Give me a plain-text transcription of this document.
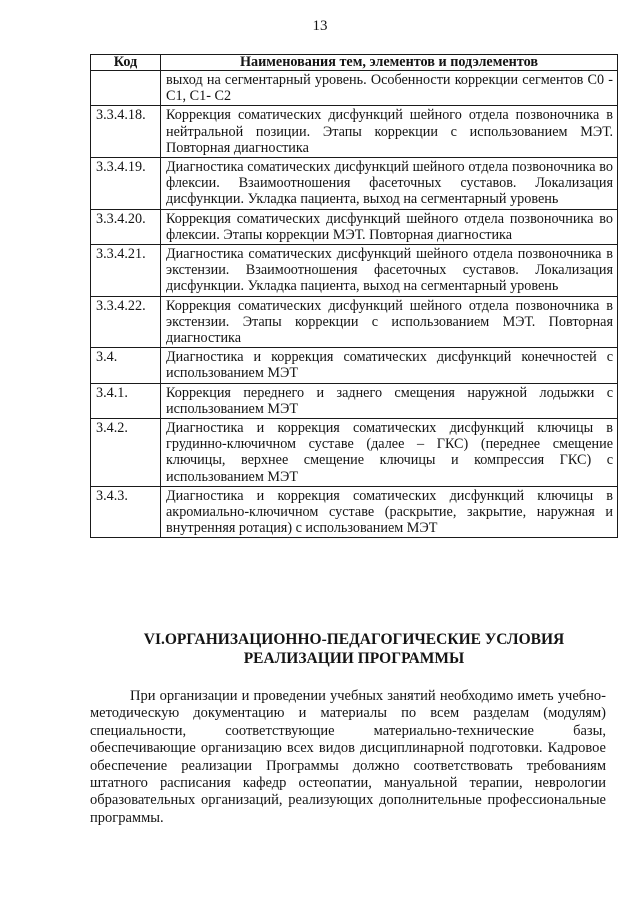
13
Код	Наименования тем, элементов и подэлементов
	выход на сегментарный уровень. Особенности коррекции сегментов С0 - С1, С1- С2
3.3.4.18.	Коррекция соматических дисфункций шейного отдела позвоночника в нейтральной позиции. Этапы коррекции с использованием МЭТ. Повторная диагностика
3.3.4.19.	Диагностика соматических дисфункций шейного отдела позвоночника во флексии. Взаимоотношения фасеточных суставов. Локализация дисфункции. Укладка пациента, выход на сегментарный уровень
3.3.4.20.	Коррекция соматических дисфункций шейного отдела позвоночника во флексии. Этапы коррекции МЭТ. Повторная диагностика
3.3.4.21.	Диагностика соматических дисфункций шейного отдела позвоночника в экстензии. Взаимоотношения фасеточных суставов. Локализация дисфункции. Укладка пациента, выход на сегментарный уровень
3.3.4.22.	Коррекция соматических дисфункций шейного отдела позвоночника в экстензии. Этапы коррекции с использованием МЭТ. Повторная диагностика
3.4.	Диагностика и коррекция соматических дисфункций конечностей с использованием МЭТ
3.4.1.	Коррекция переднего и заднего смещения наружной лодыжки с использованием МЭТ
3.4.2.	Диагностика и коррекция соматических дисфункций ключицы в грудинно-ключичном суставе (далее – ГКС) (переднее смещение ключицы, верхнее смещение ключицы и компрессия ГКС) с использованием МЭТ
3.4.3.	Диагностика и коррекция соматических дисфункций ключицы в акромиально-ключичном суставе (раскрытие, закрытие, наружная и внутренняя ротация) с использованием МЭТ
VI.ОРГАНИЗАЦИОННО-ПЕДАГОГИЧЕСКИЕ УСЛОВИЯ
РЕАЛИЗАЦИИ ПРОГРАММЫ

При организации и проведении учебных занятий необходимо иметь учебно-методическую документацию и материалы по всем разделам (модулям) специальности, соответствующие материально-технические базы, обеспечивающие организацию всех видов дисциплинарной подготовки. Кадровое обеспечение реализации Программы должно соответствовать требованиям штатного расписания кафедр остеопатии, мануальной терапии, неврологии образовательных организаций, реализующих дополнительные профессиональные программы.
